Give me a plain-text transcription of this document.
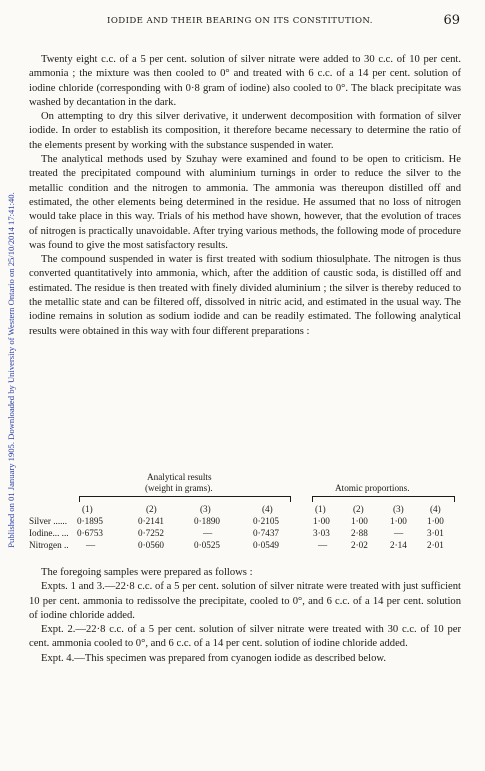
Published on 01 January 1905. Downloaded by University of Western Ontario on 25/10/2014 17:41:40.
IODIDE AND THEIR BEARING ON ITS CONSTITUTION.	69

Twenty eight c.c. of a 5 per cent. solution of silver nitrate were added to 30 c.c. of 10 per cent. ammonia ; the mixture was then cooled to 0° and treated with 6 c.c. of a 14 per cent. solution of iodine chloride (corresponding with 0·8 gram of iodine) also cooled to 0°. The black precipitate was washed by decantation in the dark.

On attempting to dry this silver derivative, it underwent decomposition with formation of silver iodide. In order to establish its composition, it therefore became necessary to determine the ratio of the elements present by working with the substance suspended in water.

The analytical methods used by Szuhay were examined and found to be open to criticism. He treated the precipitated compound with aluminium turnings in order to reduce the silver to the metallic condition and the nitrogen to ammonia. The ammonia was thereupon distilled off and estimated, the other elements being determined in the residue. He assumed that no loss of nitrogen would take place in this way. Trials of his method have shown, however, that the evolution of traces of nitrogen is practically unavoidable. After trying various methods, the following mode of procedure was found to give the most satisfactory results.

The compound suspended in water is first treated with sodium thiosulphate. The nitrogen is thus converted quantitatively into ammonia, which, after the addition of caustic soda, is distilled off and estimated. The residue is then treated with finely divided aluminium ; the silver is thereby reduced to the metallic state and can be filtered off, dissolved in nitric acid, and estimated in the usual way. The iodine remains in solution as sodium iodide and can be readily estimated. The following analytical results were obtained in this way with four different preparations :

Analytical results
(weight in grams).	Atomic proportions.
(1)	(2)	(3)	(4)	(1)	(2)	(3)	(4)
Silver ...... 0·1895	0·2141	0·1890	0·2105	1·00 1·00 1·00 1·00
Iodine... ... 0·6753	0·7252	—	0·7437	3·03 2·88	—	3·01
Nitrogen .. —	0·0560	0·0525	0·0549	—	2·02 2·14 2·01

The foregoing samples were prepared as follows :

Expts. 1 and 3.—22·8 c.c. of a 5 per cent. solution of silver nitrate were treated with just sufficient 10 per cent. ammonia to redissolve the precipitate, cooled to 0°, and 6 c.c. of a 14 per cent. solution of iodine chloride added.

Expt. 2.—22·8 c.c. of a 5 per cent. solution of silver nitrate were treated with 30 c.c. of 10 per cent. ammonia cooled to 0°, and 6 c.c. of a 14 per cent. solution of iodine chloride added.

Expt. 4.—This specimen was prepared from cyanogen iodide as described below.
